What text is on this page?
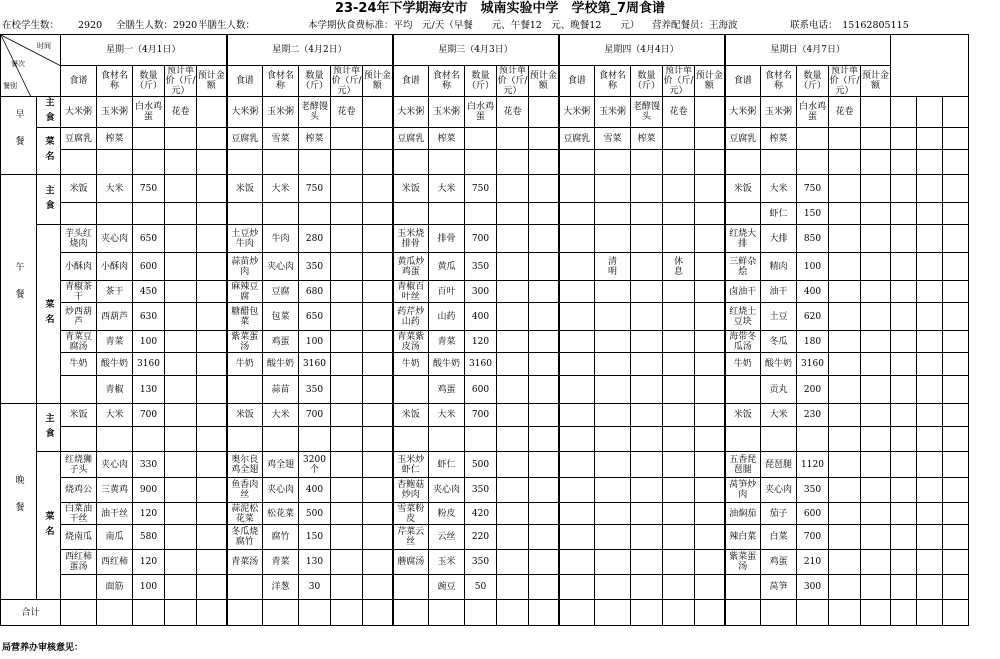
23-24年下学期海安市　城南实验中学　学校第_7周食谱
在校学生数： 2920 全膳生人数：2920 半膳生人数：	本学期伙食费标准：平均　元/天（早餐　　元、午餐12　元、晚餐12　　元） 营养配餐员：王海波	联系电话：　15162805115
时间
餐次
餐别		星期一（4月1日）					星期二（4月2日）					星期三（4月3日）					星期四（4月4日）					星期日（4月7日）							
		食谱	食材名称	数量（斤）	预计单价（斤/元）	预计金额	食谱	食材名称	数量（斤）	预计单价（斤/元）	预计金额	食谱	食材名称	数量（斤）	预计单价（斤/元）	预计金额	食谱	食材名称	数量（斤）	预计单价（斤/元）	预计金额	食谱	食材名称	数量（斤）	预计单价（斤/元）	预计金额			
早餐	主食	大米粥	玉米粥	白水鸡蛋	花卷		大米粥	玉米粥	老酵馒头	花卷		大米粥	玉米粥	白水鸡蛋	花卷		大米粥	玉米粥	老酵馒头	花卷		大米粥	玉米粥	白水鸡蛋	花卷				
	菜名	豆腐乳	榨菜				豆腐乳	雪菜	榨菜			豆腐乳	榨菜				豆腐乳	雪菜	榨菜			豆腐乳	榨菜						

午餐	主食	米饭	大米	750			米饭	大米	750			米饭	大米	750								米饭	大米	750					
																							虾仁	150					
	菜名	芋头红烧肉	夹心肉	650			土豆炒牛肉	牛肉	280			玉米烧排骨	排骨	700								红烧大排	大排	850					
		小酥肉	小酥肉	600			蒜苗炒肉	夹心肉	350			黄瓜炒鸡蛋	黄瓜	350				清　　明		休　　息		三鲜杂烩	精肉	100					
		青椒茶干	茶干	450			麻辣豆腐	豆腐	680			青椒百叶丝	百叶	300								卤油干	油干	400					
		炒西葫芦	西葫芦	630			糖醋包菜	包菜	650			药芹炒山药	山药	400								红烧土豆块	土豆	620					
		青菜豆腐汤	青菜	100			紫菜蛋汤	鸡蛋	100			青菜紫皮汤	青菜	120								海带冬瓜汤	冬瓜	180					
		牛奶	酸牛奶	3160			牛奶	酸牛奶	3160			牛奶	酸牛奶	3160								牛奶	酸牛奶	3160					
			青椒	130				蒜苗	350				鸡蛋	600									贡丸	200					
晚餐	主食	米饭	大米	700			米饭	大米	700			米饭	大米	700								米饭	大米	230					

	菜名	红烧狮子头	夹心肉	330			奥尔良鸡全翅	鸡全翅	3200个			玉米炒虾仁	虾仁	500								五香琵琶腿	琵琶腿	1120					
		烧鸡公	三黄鸡	900			鱼香肉丝	夹心肉	400			杏鲍菇炒肉	夹心肉	350								莴笋炒肉	夹心肉	350					
		白菜油干丝	油干丝	120			蒜泥松花菜	松花菜	500			雪菜粉皮	粉皮	420								油焖茄	茄子	600					
		烧南瓜	南瓜	580			冬瓜烧腐竹	腐竹	150			芹菜云丝	云丝	220								辣白菜	白菜	700					
		西红柿蛋汤	西红柿	120			青菜汤	青菜	130			蘑腐汤	玉米	350								紫菜蛋汤	鸡蛋	210					
			面筋	100				洋葱	30				豌豆	50									莴笋	300					
合计																													
局营养办审核意见：
